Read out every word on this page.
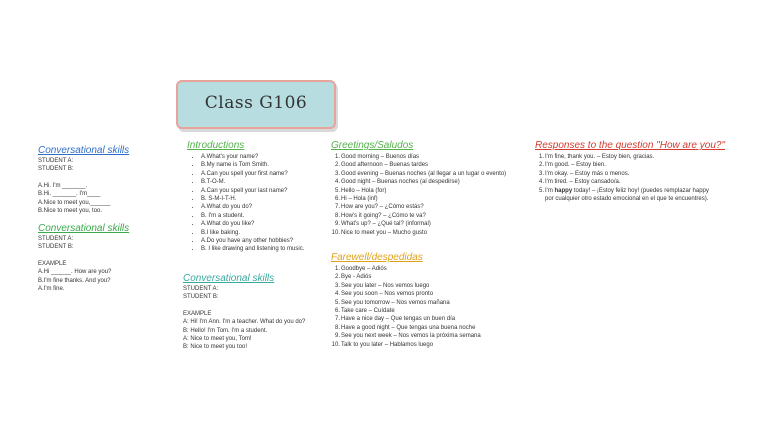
Class G106
Conversational skills
STUDENT A:
STUDENT B:
A.Hi. I'm _______.
B.Hi. _______. I'm____
A.Nice to meet you,______
B.Nice to meet you, too.
Conversational skills
STUDENT A:
STUDENT B:
EXAMPLE
A.Hi ______. How are you?
B.I'm fine thanks. And you?
A.I'm fine.
Introductions
• A.What's your name?
• B.My name is Tom Smith.
• A.Can you spell your first name?
• B.T-O-M.
• A.Can you spell your last name?
• B. S-M-I-T-H.
• A.What do you do?
• B. I'm a student.
• A.What do you like?
• B.I like baking.
• A.Do you have any other hobbies?
• B. I like drawing and listening to music.
Conversational skills
STUDENT A:
STUDENT B:
EXAMPLE
A: Hi! I'm Ann. I'm a teacher. What do you do?
B: Hello! I'm Tom. I'm a student.
A: Nice to meet you, Tom!
B: Nice to meet you too!
Greetings/Saludos
1.Good morning – Buenos días
2.Good afternoon – Buenas tardes
3.Good evening – Buenas noches (al llegar a un lugar o evento)
4.Good night – Buenas noches (al despedirse)
5.Hello – Hola (for)
6.Hi – Hola (inf)
7.How are you? – ¿Cómo estás?
8.How's it going? – ¿Cómo te va?
9.What's up? – ¿Qué tal? (informal)
10.Nice to meet you – Mucho gusto
Farewell/despedidas
1.Goodbye – Adiós
2.Bye - Adiós
3.See you later – Nos vemos luego
4.See you soon – Nos vemos pronto
5.See you tomorrow – Nos vemos mañana
6.Take care – Cuídate
7.Have a nice day – Que tengas un buen día
8.Have a good night – Que tengas una buena noche
9.See you next week – Nos vemos la próxima semana
10.Talk to you later – Hablamos luego
Responses to the question "How are you?"
1.I'm fine, thank you. – Estoy bien, gracias.
2.I'm good. – Estoy bien.
3.I'm okay. – Estoy más o menos.
4.I'm tired. – Estoy cansado/a.
5.I'm happy today! – ¡Estoy feliz hoy! (puedes remplazar happy
por cualquier otro estado emocional en el que te encuentres).
